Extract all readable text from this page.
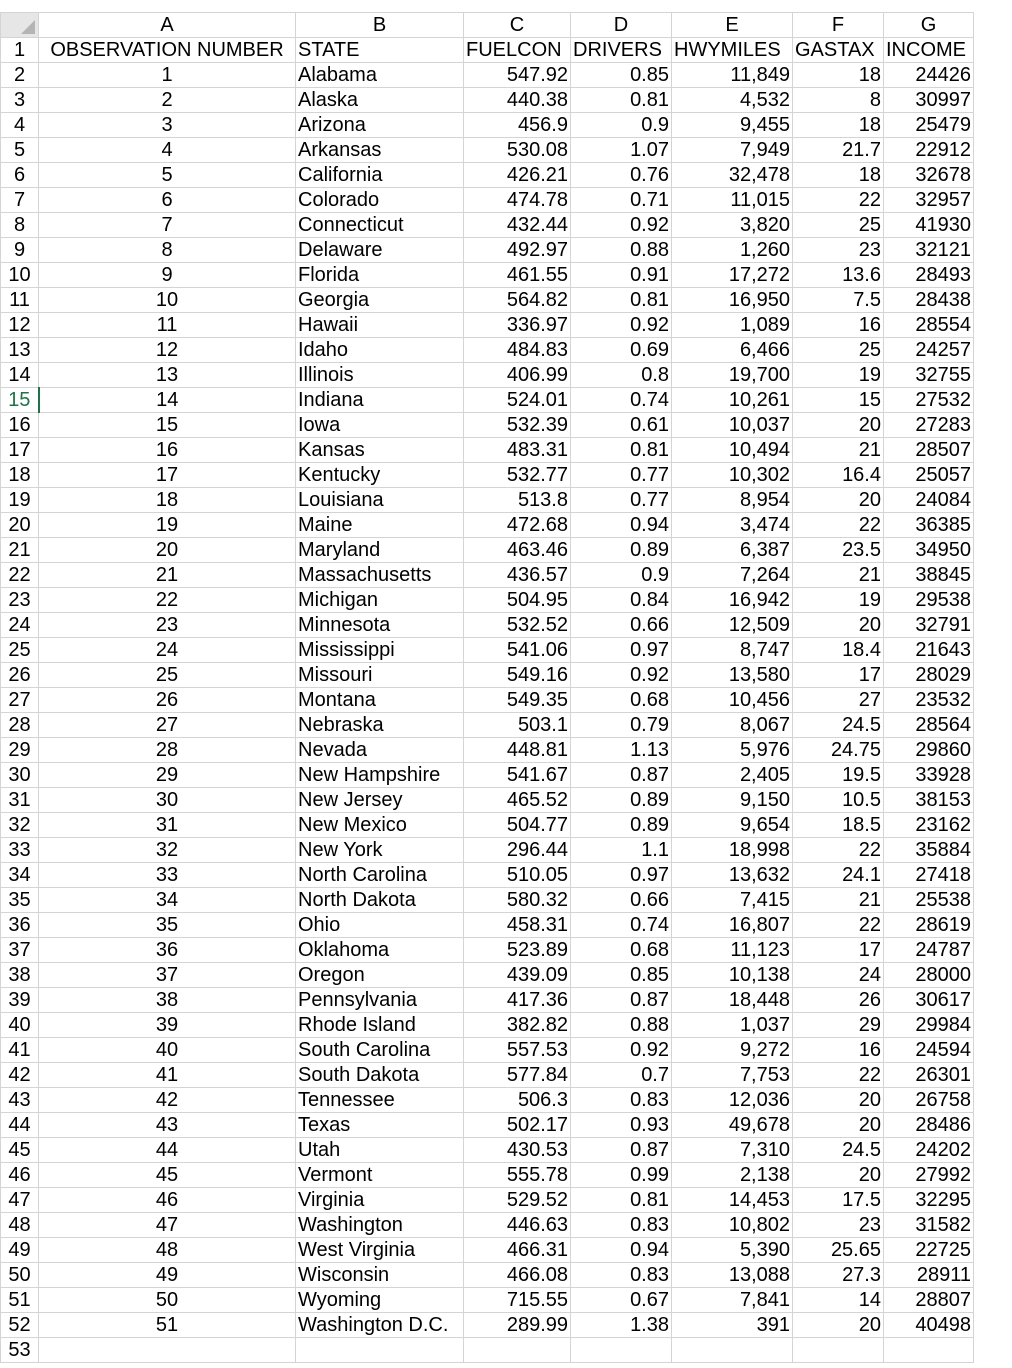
	A	B	C	D	E	F	G
1	OBSERVATION NUMBER	STATE	FUELCON	DRIVERS	HWYMILES	GASTAX	INCOME
2	1	Alabama	547.92	0.85	11,849	18	24426
3	2	Alaska	440.38	0.81	4,532	8	30997
4	3	Arizona	456.9	0.9	9,455	18	25479
5	4	Arkansas	530.08	1.07	7,949	21.7	22912
6	5	California	426.21	0.76	32,478	18	32678
7	6	Colorado	474.78	0.71	11,015	22	32957
8	7	Connecticut	432.44	0.92	3,820	25	41930
9	8	Delaware	492.97	0.88	1,260	23	32121
10	9	Florida	461.55	0.91	17,272	13.6	28493
11	10	Georgia	564.82	0.81	16,950	7.5	28438
12	11	Hawaii	336.97	0.92	1,089	16	28554
13	12	Idaho	484.83	0.69	6,466	25	24257
14	13	Illinois	406.99	0.8	19,700	19	32755
15	14	Indiana	524.01	0.74	10,261	15	27532
16	15	Iowa	532.39	0.61	10,037	20	27283
17	16	Kansas	483.31	0.81	10,494	21	28507
18	17	Kentucky	532.77	0.77	10,302	16.4	25057
19	18	Louisiana	513.8	0.77	8,954	20	24084
20	19	Maine	472.68	0.94	3,474	22	36385
21	20	Maryland	463.46	0.89	6,387	23.5	34950
22	21	Massachusetts	436.57	0.9	7,264	21	38845
23	22	Michigan	504.95	0.84	16,942	19	29538
24	23	Minnesota	532.52	0.66	12,509	20	32791
25	24	Mississippi	541.06	0.97	8,747	18.4	21643
26	25	Missouri	549.16	0.92	13,580	17	28029
27	26	Montana	549.35	0.68	10,456	27	23532
28	27	Nebraska	503.1	0.79	8,067	24.5	28564
29	28	Nevada	448.81	1.13	5,976	24.75	29860
30	29	New Hampshire	541.67	0.87	2,405	19.5	33928
31	30	New Jersey	465.52	0.89	9,150	10.5	38153
32	31	New Mexico	504.77	0.89	9,654	18.5	23162
33	32	New York	296.44	1.1	18,998	22	35884
34	33	North Carolina	510.05	0.97	13,632	24.1	27418
35	34	North Dakota	580.32	0.66	7,415	21	25538
36	35	Ohio	458.31	0.74	16,807	22	28619
37	36	Oklahoma	523.89	0.68	11,123	17	24787
38	37	Oregon	439.09	0.85	10,138	24	28000
39	38	Pennsylvania	417.36	0.87	18,448	26	30617
40	39	Rhode Island	382.82	0.88	1,037	29	29984
41	40	South Carolina	557.53	0.92	9,272	16	24594
42	41	South Dakota	577.84	0.7	7,753	22	26301
43	42	Tennessee	506.3	0.83	12,036	20	26758
44	43	Texas	502.17	0.93	49,678	20	28486
45	44	Utah	430.53	0.87	7,310	24.5	24202
46	45	Vermont	555.78	0.99	2,138	20	27992
47	46	Virginia	529.52	0.81	14,453	17.5	32295
48	47	Washington	446.63	0.83	10,802	23	31582
49	48	West Virginia	466.31	0.94	5,390	25.65	22725
50	49	Wisconsin	466.08	0.83	13,088	27.3	28911
51	50	Wyoming	715.55	0.67	7,841	14	28807
52	51	Washington D.C.	289.99	1.38	391	20	40498
53							
